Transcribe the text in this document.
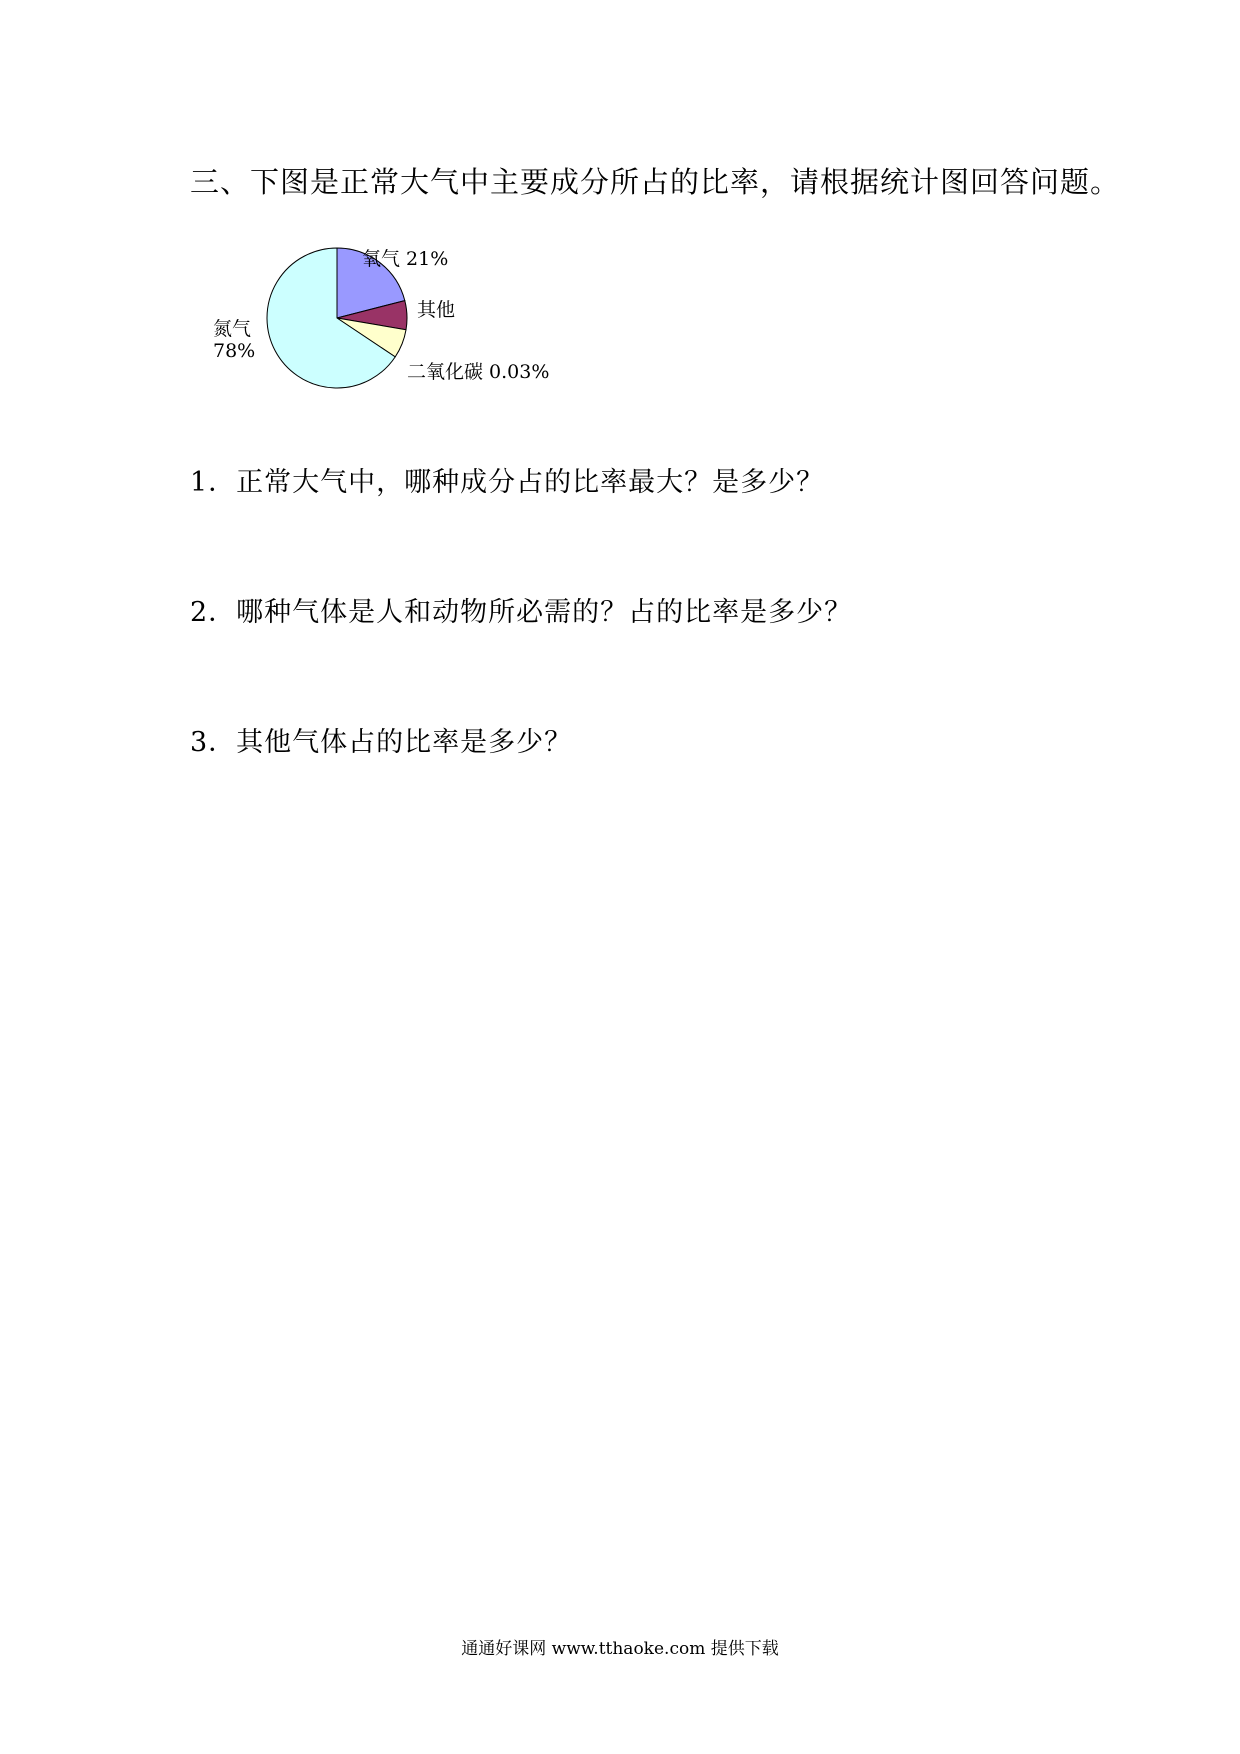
三、下图是正常大气中主要成分所占的比率，请根据统计图回答问题。
氧气 21%
其他
二氧化碳 0.03%
氮气
78%
1．正常大气中，哪种成分占的比率最大？是多少？
2．哪种气体是人和动物所必需的？占的比率是多少？
3．其他气体占的比率是多少？
通通好课网 www.tthaoke.com 提供下载
